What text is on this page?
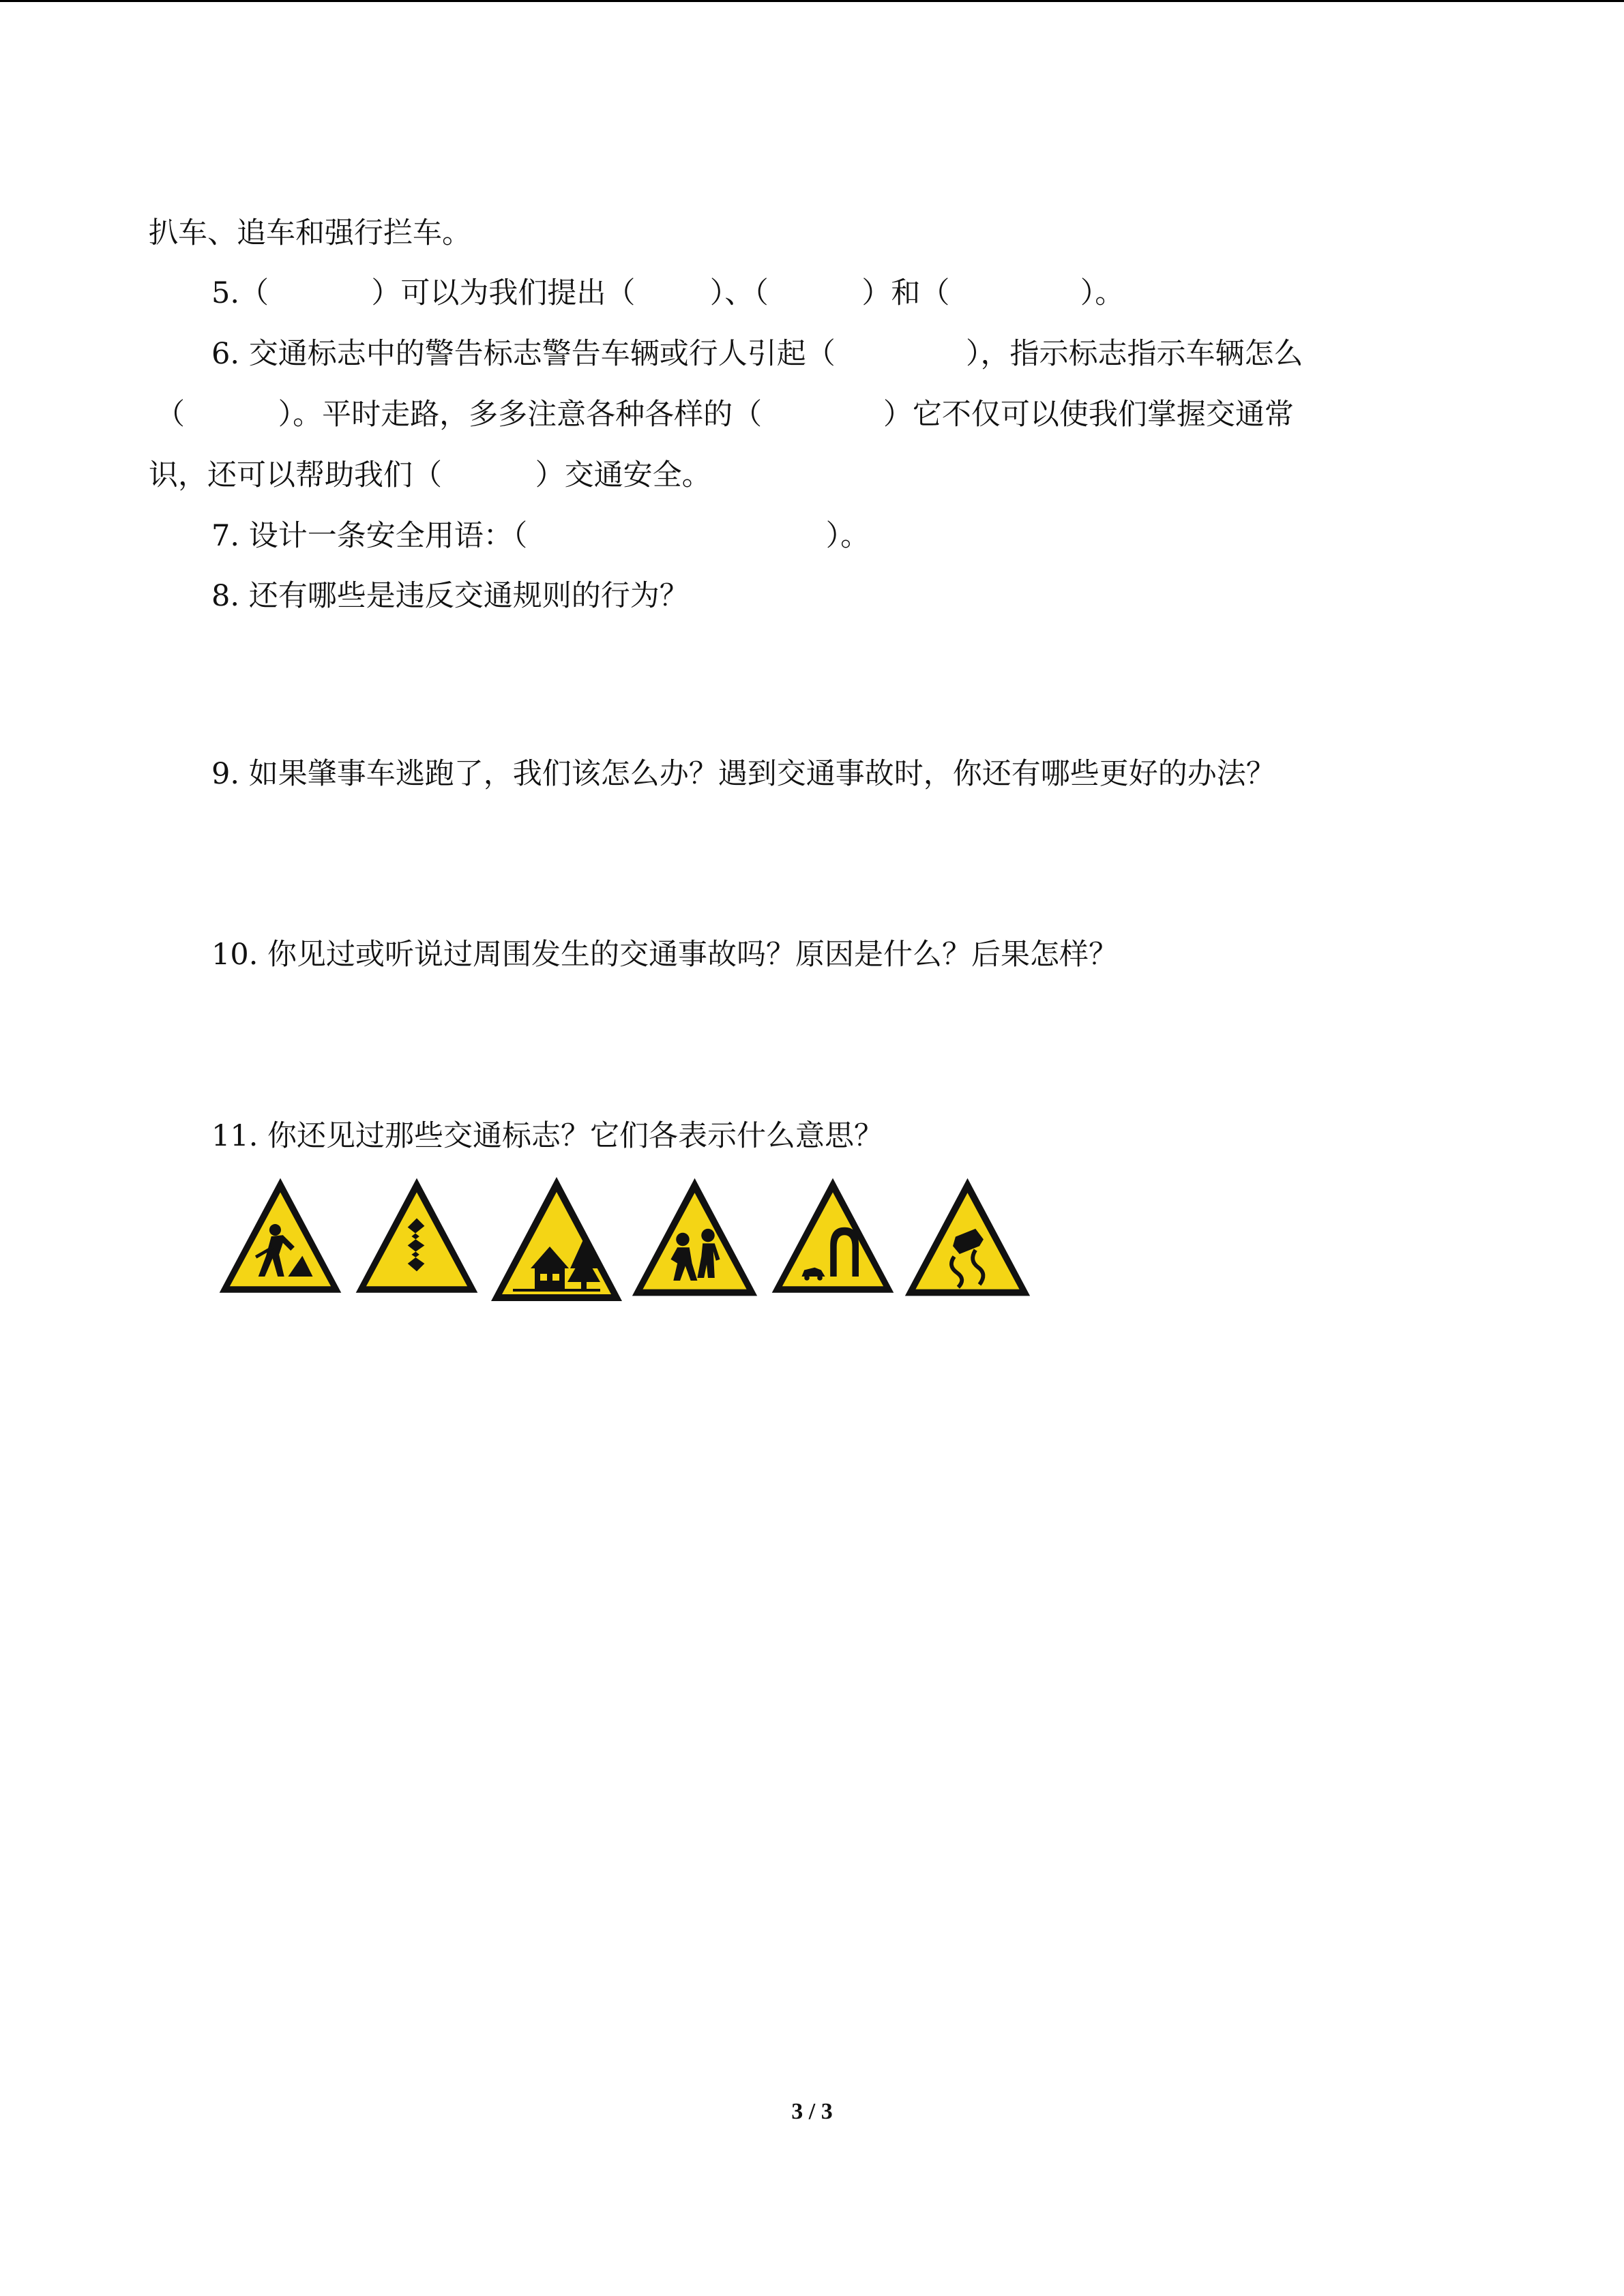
扒车、追车和强行拦车。
5.（           ）可以为我们提出（        ）、（          ）和（              ）。
6. 交通标志中的警告标志警告车辆或行人引起（              ），指示标志指示车辆怎么
（          ）。平时走路，多多注意各种各样的（             ）它不仅可以使我们掌握交通常
识，还可以帮助我们（          ）交通安全。
7. 设计一条安全用语：（                                ）。
8. 还有哪些是违反交通规则的行为？
9. 如果肇事车逃跑了，我们该怎么办？遇到交通事故时，你还有哪些更好的办法？
10. 你见过或听说过周围发生的交通事故吗？原因是什么？后果怎样？
11. 你还见过那些交通标志？它们各表示什么意思？
3 / 3
